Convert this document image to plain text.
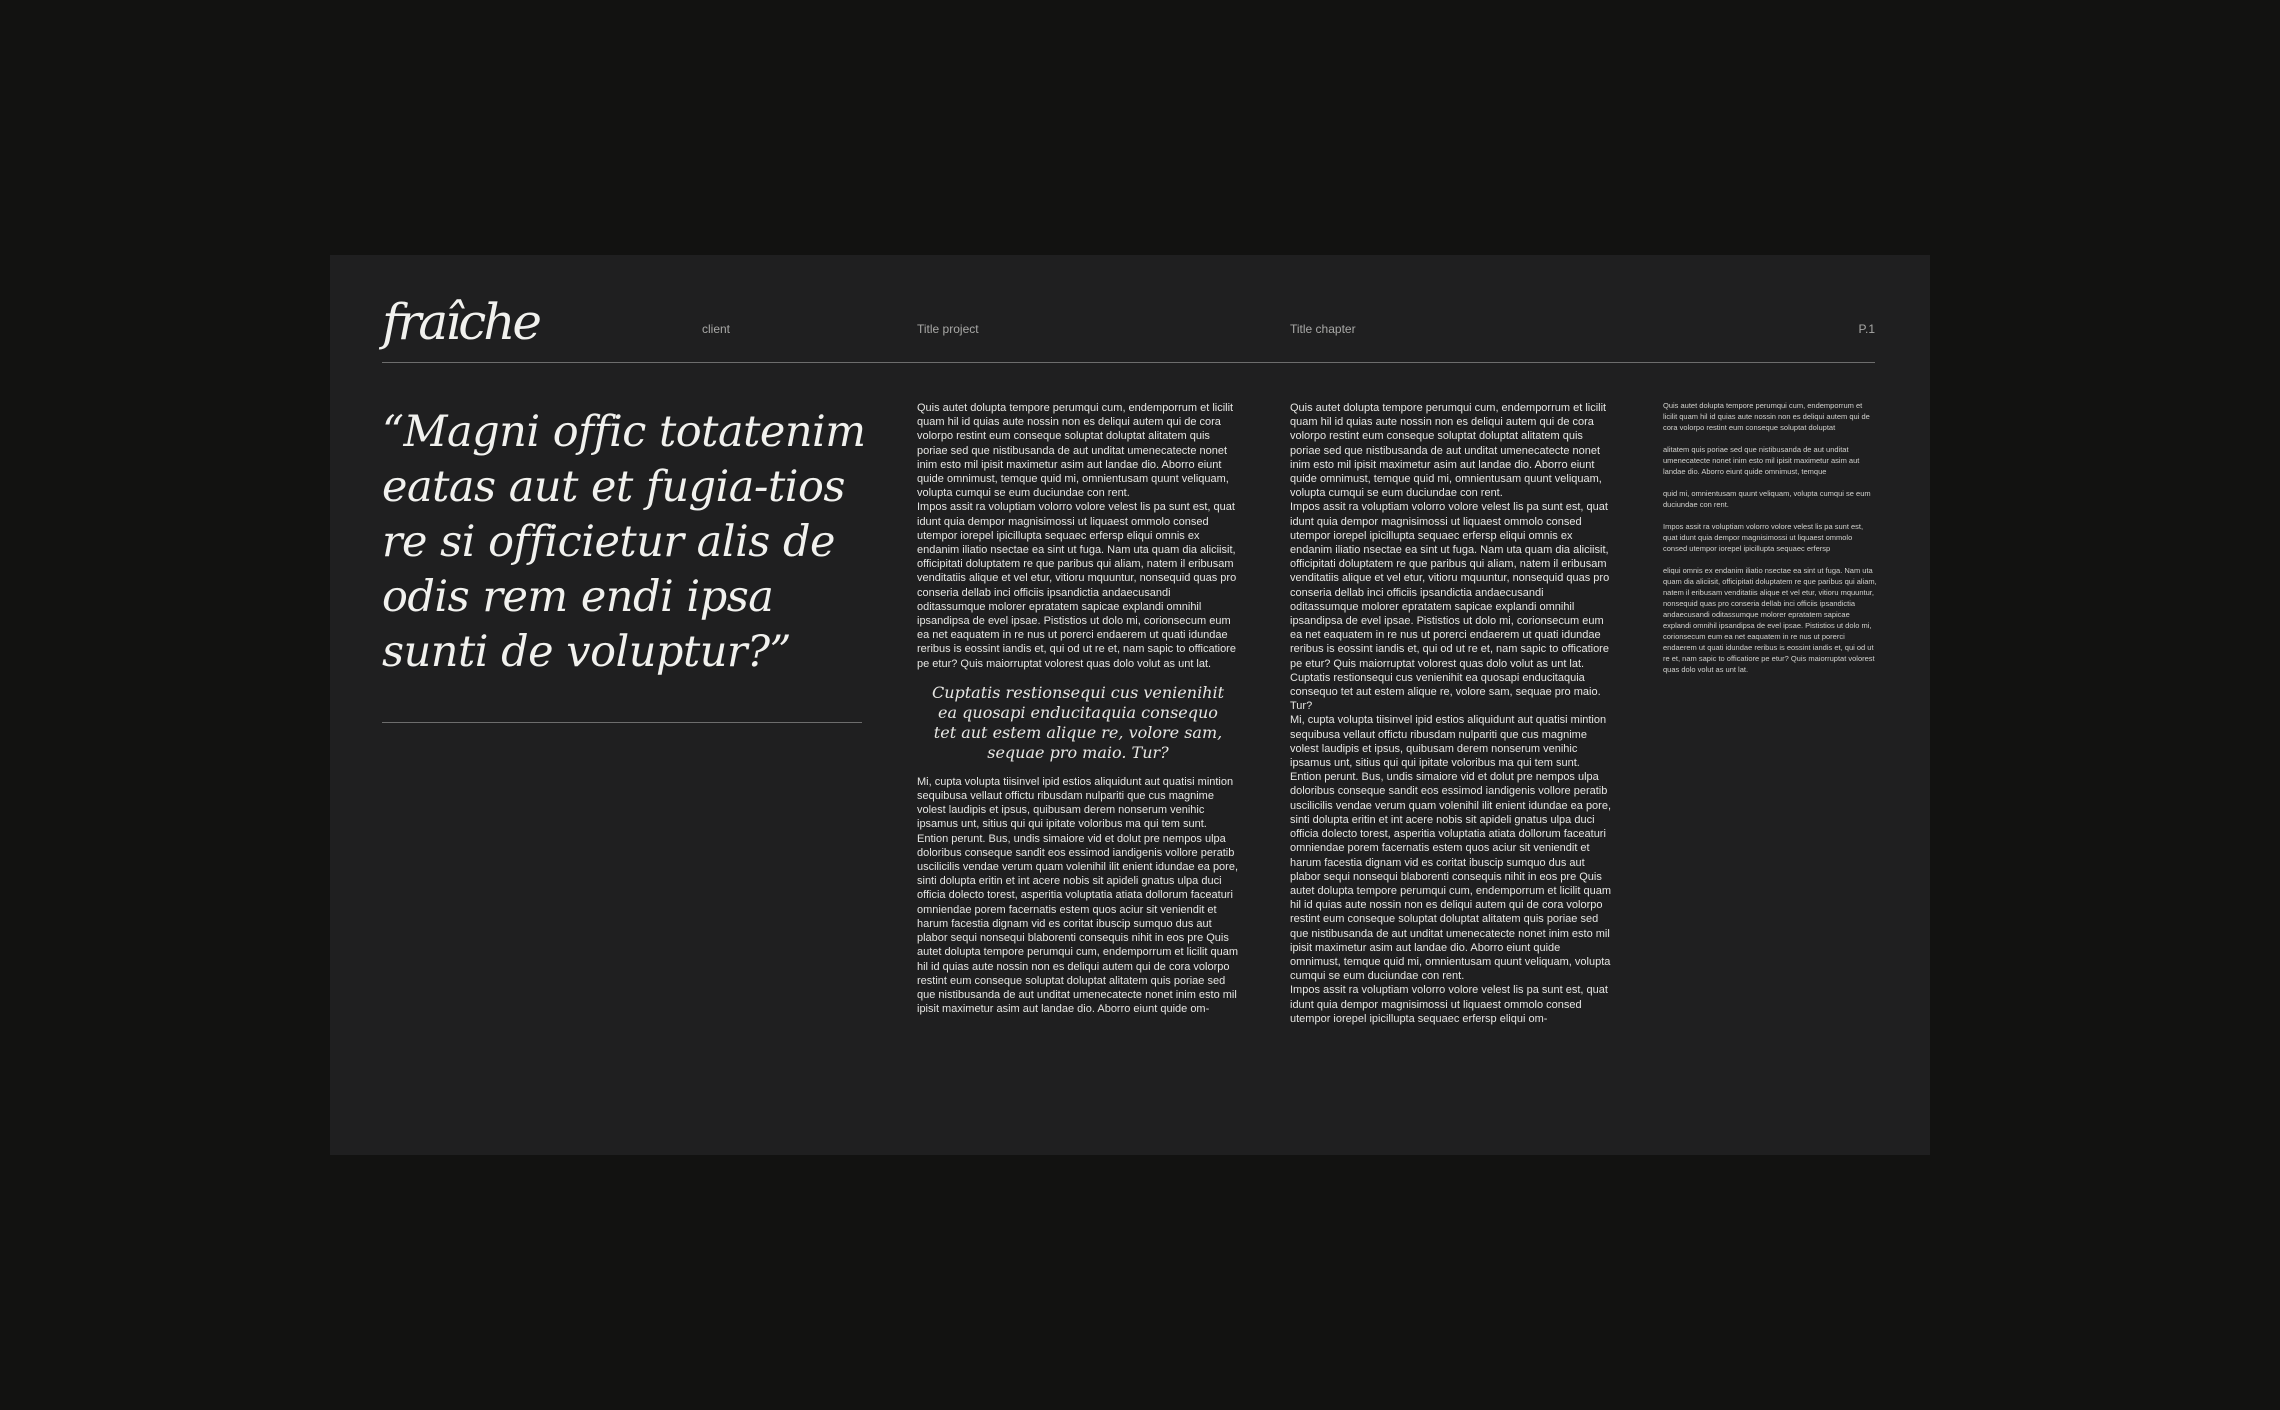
fraîche	client	Title project	Title chapter	P.1

“Magni offic totatenim eatas aut et fugia-tios re si officietur alis de odis rem endi ipsa sunti de voluptur?”

Quis autet dolupta tempore perumqui cum, endemporrum et licilit quam hil id quias aute nossin non es deliqui autem qui de cora volorpo restint eum conseque soluptat doluptat alitatem quis poriae sed que nistibusanda de aut unditat umenecatecte nonet inim esto mil ipisit maximetur asim aut landae dio. Aborro eiunt quide omnimust, temque quid mi, omnientusam quunt veliquam, volupta cumqui se eum duciundae con rent.

Impos assit ra voluptiam volorro volore velest lis pa sunt est, quat idunt quia dempor magnisimossi ut liquaest ommolo consed utempor iorepel ipicillupta sequaec erfersp eliqui omnis ex endanim iliatio nsectae ea sint ut fuga. Nam uta quam dia aliciisit, officipitati doluptatem re que paribus qui aliam, natem il eribusam venditatiis alique et vel etur, vitioru mquuntur, nonsequid quas pro conseria dellab inci officiis ipsandictia andaecusandi oditassumque molorer epratatem sapicae explandi omnihil ipsandipsa de evel ipsae. Pististios ut dolo mi, corionsecum eum ea net eaquatem in re nus ut porerci endaerem ut quati idundae reribus is eossint iandis et, qui od ut re et, nam sapic to officatiore pe etur? Quis maiorruptat volorest quas dolo volut as unt lat.

Cuptatis restionsequi cus venienihit ea quosapi enducitaquia consequo tet aut estem alique re, volore sam, sequae pro maio. Tur?

Mi, cupta volupta tiisinvel ipid estios aliquidunt aut quatisi mintion sequibusa vellaut offictu ribusdam nulpariti que cus magnime volest laudipis et ipsus, quibusam derem nonserum venihic ipsamus unt, sitius qui qui ipitate voloribus ma qui tem sunt.

Ention perunt. Bus, undis simaiore vid et dolut pre nempos ulpa doloribus conseque sandit eos essimod iandigenis vollore peratib uscilicilis vendae verum quam volenihil ilit enient idundae ea pore, sinti dolupta eritin et int acere nobis sit apideli gnatus ulpa duci officia dolecto torest, asperitia voluptatia atiata dollorum faceaturi omniendae porem facernatis estem quos aciur sit veniendit et harum facestia dignam vid es coritat ibuscip sumquo dus aut plabor sequi nonsequi blaborenti consequis nihit in eos pre Quis autet dolupta tempore perumqui cum, endemporrum et licilit quam hil id quias aute nossin non es deliqui autem qui de cora volorpo restint eum conseque soluptat doluptat alitatem quis poriae sed que nistibusanda de aut unditat umenecatecte nonet inim esto mil ipisit maximetur asim aut landae dio. Aborro eiunt quide om-

Quis autet dolupta tempore perumqui cum, endemporrum et licilit quam hil id quias aute nossin non es deliqui autem qui de cora volorpo restint eum conseque soluptat doluptat alitatem quis poriae sed que nistibusanda de aut unditat umenecatecte nonet inim esto mil ipisit maximetur asim aut landae dio. Aborro eiunt quide omnimust, temque quid mi, omnientusam quunt veliquam, volupta cumqui se eum duciundae con rent.

Impos assit ra voluptiam volorro volore velest lis pa sunt est, quat idunt quia dempor magnisimossi ut liquaest ommolo consed utempor iorepel ipicillupta sequaec erfersp eliqui omnis ex endanim iliatio nsectae ea sint ut fuga. Nam uta quam dia aliciisit, officipitati doluptatem re que paribus qui aliam, natem il eribusam venditatiis alique et vel etur, vitioru mquuntur, nonsequid quas pro conseria dellab inci officiis ipsandictia andaecusandi oditassumque molorer epratatem sapicae explandi omnihil ipsandipsa de evel ipsae. Pististios ut dolo mi, corionsecum eum ea net eaquatem in re nus ut porerci endaerem ut quati idundae reribus is eossint iandis et, qui od ut re et, nam sapic to officatiore pe etur? Quis maiorruptat volorest quas dolo volut as unt lat.

Cuptatis restionsequi cus venienihit ea quosapi enducitaquia consequo tet aut estem alique re, volore sam, sequae pro maio. Tur?

Mi, cupta volupta tiisinvel ipid estios aliquidunt aut quatisi mintion sequibusa vellaut offictu ribusdam nulpariti que cus magnime volest laudipis et ipsus, quibusam derem nonserum venihic ipsamus unt, sitius qui qui ipitate voloribus ma qui tem sunt.

Ention perunt. Bus, undis simaiore vid et dolut pre nempos ulpa doloribus conseque sandit eos essimod iandigenis vollore peratib uscilicilis vendae verum quam volenihil ilit enient idundae ea pore, sinti dolupta eritin et int acere nobis sit apideli gnatus ulpa duci officia dolecto torest, asperitia voluptatia atiata dollorum faceaturi omniendae porem facernatis estem quos aciur sit veniendit et harum facestia dignam vid es coritat ibuscip sumquo dus aut plabor sequi nonsequi blaborenti consequis nihit in eos pre Quis autet dolupta tempore perumqui cum, endemporrum et licilit quam hil id quias aute nossin non es deliqui autem qui de cora volorpo restint eum conseque soluptat doluptat alitatem quis poriae sed que nistibusanda de aut unditat umenecatecte nonet inim esto mil ipisit maximetur asim aut landae dio. Aborro eiunt quide omnimust, temque quid mi, omnientusam quunt veliquam, volupta cumqui se eum duciundae con rent.

Impos assit ra voluptiam volorro volore velest lis pa sunt est, quat idunt quia dempor magnisimossi ut liquaest ommolo consed utempor iorepel ipicillupta sequaec erfersp eliqui om-

Quis autet dolupta tempore perumqui cum, endemporrum et licilit quam hil id quias aute nossin non es deliqui autem qui de cora volorpo restint eum conseque soluptat doluptat

alitatem quis poriae sed que nistibusanda de aut unditat umenecatecte nonet inim esto mil ipisit maximetur asim aut landae dio. Aborro eiunt quide omnimust, temque

quid mi, omnientusam quunt veliquam, volupta cumqui se eum duciundae con rent.

Impos assit ra voluptiam volorro volore velest lis pa sunt est, quat idunt quia dempor magnisimossi ut liquaest ommolo consed utempor iorepel ipicillupta sequaec erfersp

eliqui omnis ex endanim iliatio nsectae ea sint ut fuga. Nam uta quam dia aliciisit, officipitati doluptatem re que paribus qui aliam, natem il eribusam venditatiis alique et vel etur, vitioru mquuntur, nonsequid quas pro conseria dellab inci officiis ipsandictia andaecusandi oditassumque molorer epratatem sapicae explandi omnihil ipsandipsa de evel ipsae. Pististios ut dolo mi, corionsecum eum ea net eaquatem in re nus ut porerci endaerem ut quati idundae reribus is eossint iandis et, qui od ut re et, nam sapic to officatiore pe etur? Quis maiorruptat volorest quas dolo volut as unt lat.
